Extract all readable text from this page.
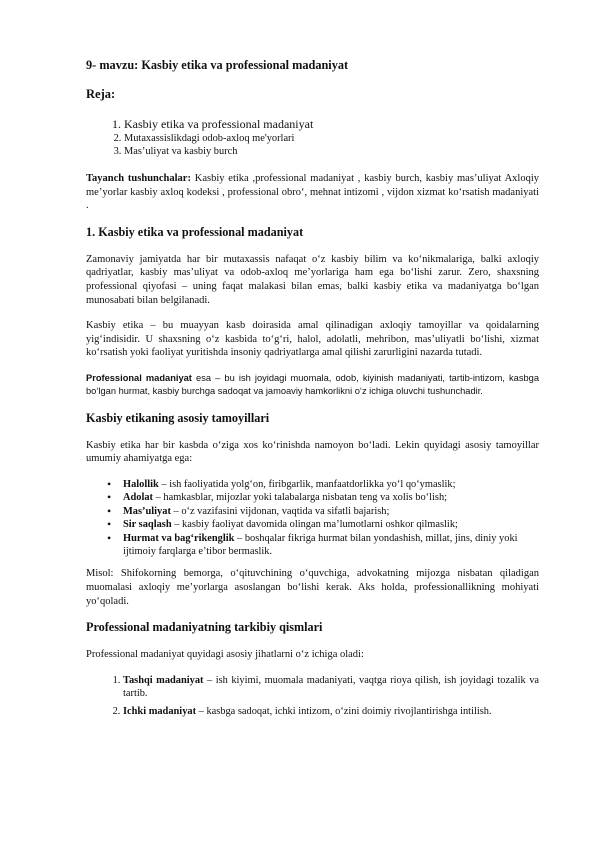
9- mavzu: Kasbiy etika va professional madaniyat
Reja:
1. Kasbiy etika va professional madaniyat
2. Mutaxassislikdagi odob-axloq me'yorlari
3. Mas’uliyat va kasbiy burch

Tayanch tushunchalar: Kasbiy etika ,professional madaniyat , kasbiy burch, kasbiy mas’uliyat Axloqiy me’yorlar kasbiy axloq kodeksi , professional obro‘, mehnat intizomi , vijdon xizmat ko‘rsatish madaniyati .

1. Kasbiy etika va professional madaniyat

Zamonaviy jamiyatda har bir mutaxassis nafaqat o‘z kasbiy bilim va ko‘nikmalariga, balki axloqiy qadriyatlar, kasbiy mas’uliyat va odob-axloq me’yorlariga ham ega bo‘lishi zarur. Zero, shaxsning professional qiyofasi – uning faqat malakasi bilan emas, balki kasbiy etika va madaniyatga bo‘lgan munosabati bilan belgilanadi.

Kasbiy etika – bu muayyan kasb doirasida amal qilinadigan axloqiy tamoyillar va qoidalarning yig‘indisidir. U shaxsning o‘z kasbida to‘g‘ri, halol, adolatli, mehribon, mas’uliyatli bo‘lishi, xizmat ko‘rsatish yoki faoliyat yuritishda insoniy qadriyatlarga amal qilishi zarurligini nazarda tutadi.

Professional madaniyat esa – bu ish joyidagi muomala, odob, kiyinish madaniyati, tartib-intizom, kasbga bo‘lgan hurmat, kasbiy burchga sadoqat va jamoaviy hamkorlikni o‘z ichiga oluvchi tushunchadir.

Kasbiy etikaning asosiy tamoyillari

Kasbiy etika har bir kasbda o‘ziga xos ko‘rinishda namoyon bo‘ladi. Lekin quyidagi asosiy tamoyillar umumiy ahamiyatga ega:

• Halollik – ish faoliyatida yolg‘on, firibgarlik, manfaatdorlikka yo‘l qo‘ymaslik;
• Adolat – hamkasblar, mijozlar yoki talabalarga nisbatan teng va xolis bo‘lish;
• Mas’uliyat – o‘z vazifasini vijdonan, vaqtida va sifatli bajarish;
• Sir saqlash – kasbiy faoliyat davomida olingan ma’lumotlarni oshkor qilmaslik;
• Hurmat va bag‘rikenglik – boshqalar fikriga hurmat bilan yondashish, millat, jins, diniy yoki ijtimoiy farqlarga e’tibor bermaslik.

Misol: Shifokorning bemorga, o‘qituvchining o‘quvchiga, advokatning mijozga nisbatan qiladigan muomalasi axloqiy me’yorlarga asoslangan bo‘lishi kerak. Aks holda, professionallikning mohiyati yo‘qoladi.

Professional madaniyatning tarkibiy qismlari

Professional madaniyat quyidagi asosiy jihatlarni o‘z ichiga oladi:

1. Tashqi madaniyat – ish kiyimi, muomala madaniyati, vaqtga rioya qilish, ish joyidagi tozalik va tartib.
2. Ichki madaniyat – kasbga sadoqat, ichki intizom, o‘zini doimiy rivojlantirishga intilish.
